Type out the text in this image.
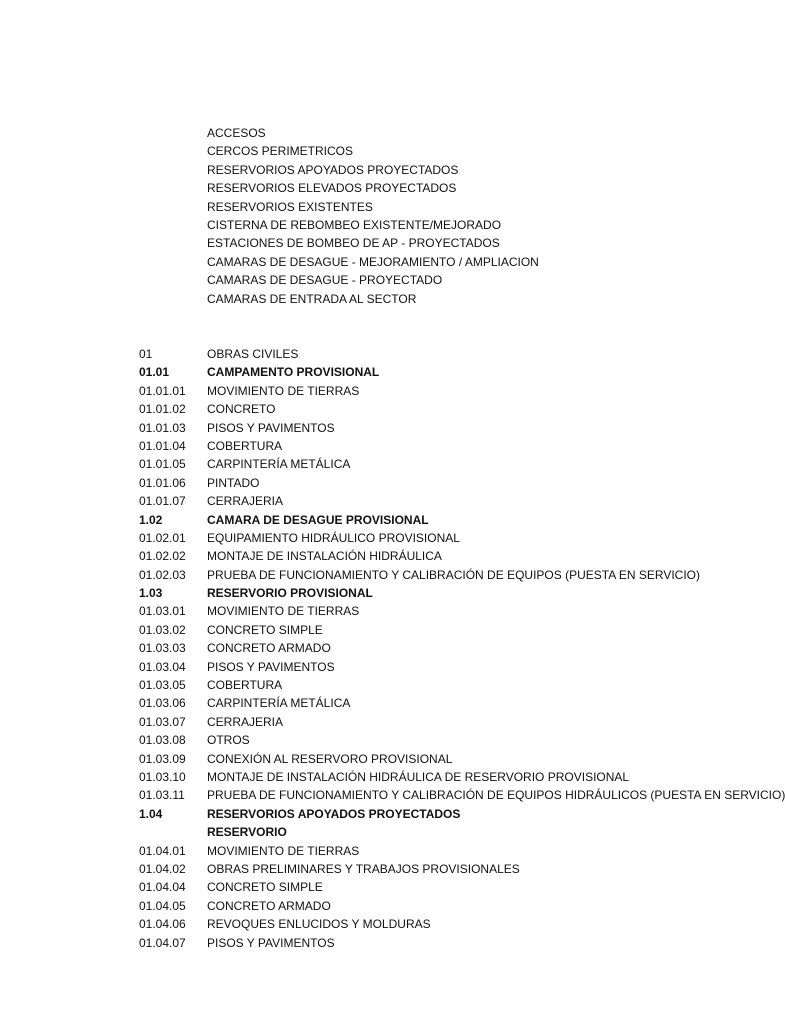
ACCESOS
CERCOS PERIMETRICOS
RESERVORIOS APOYADOS PROYECTADOS
RESERVORIOS ELEVADOS PROYECTADOS
RESERVORIOS EXISTENTES
CISTERNA DE REBOMBEO EXISTENTE/MEJORADO
ESTACIONES DE BOMBEO DE AP - PROYECTADOS
CAMARAS DE DESAGUE - MEJORAMIENTO / AMPLIACION
CAMARAS DE DESAGUE - PROYECTADO
CAMARAS DE ENTRADA AL SECTOR
01	OBRAS CIVILES
01.01	CAMPAMENTO PROVISIONAL
01.01.01	MOVIMIENTO DE TIERRAS
01.01.02	CONCRETO
01.01.03	PISOS Y PAVIMENTOS
01.01.04	COBERTURA
01.01.05	CARPINTERÍA METÁLICA
01.01.06	PINTADO
01.01.07	CERRAJERIA
1.02	CAMARA DE DESAGUE PROVISIONAL
01.02.01	EQUIPAMIENTO HIDRÁULICO PROVISIONAL
01.02.02	MONTAJE DE INSTALACIÓN HIDRÁULICA
01.02.03	PRUEBA DE FUNCIONAMIENTO Y CALIBRACIÓN DE EQUIPOS (PUESTA EN SERVICIO)
1.03	RESERVORIO PROVISIONAL
01.03.01	MOVIMIENTO DE TIERRAS
01.03.02	CONCRETO SIMPLE
01.03.03	CONCRETO ARMADO
01.03.04	PISOS Y PAVIMENTOS
01.03.05	COBERTURA
01.03.06	CARPINTERÍA METÁLICA
01.03.07	CERRAJERIA
01.03.08	OTROS
01.03.09	CONEXIÓN AL RESERVORO PROVISIONAL
01.03.10	MONTAJE DE INSTALACIÓN HIDRÁULICA DE RESERVORIO PROVISIONAL
01.03.11	PRUEBA DE FUNCIONAMIENTO Y CALIBRACIÓN DE EQUIPOS HIDRÁULICOS (PUESTA EN SERVICIO)
1.04	RESERVORIOS APOYADOS PROYECTADOS
RESERVORIO
01.04.01	MOVIMIENTO DE TIERRAS
01.04.02	OBRAS PRELIMINARES Y TRABAJOS PROVISIONALES
01.04.04	CONCRETO SIMPLE
01.04.05	CONCRETO ARMADO
01.04.06	REVOQUES ENLUCIDOS Y MOLDURAS
01.04.07	PISOS Y PAVIMENTOS
